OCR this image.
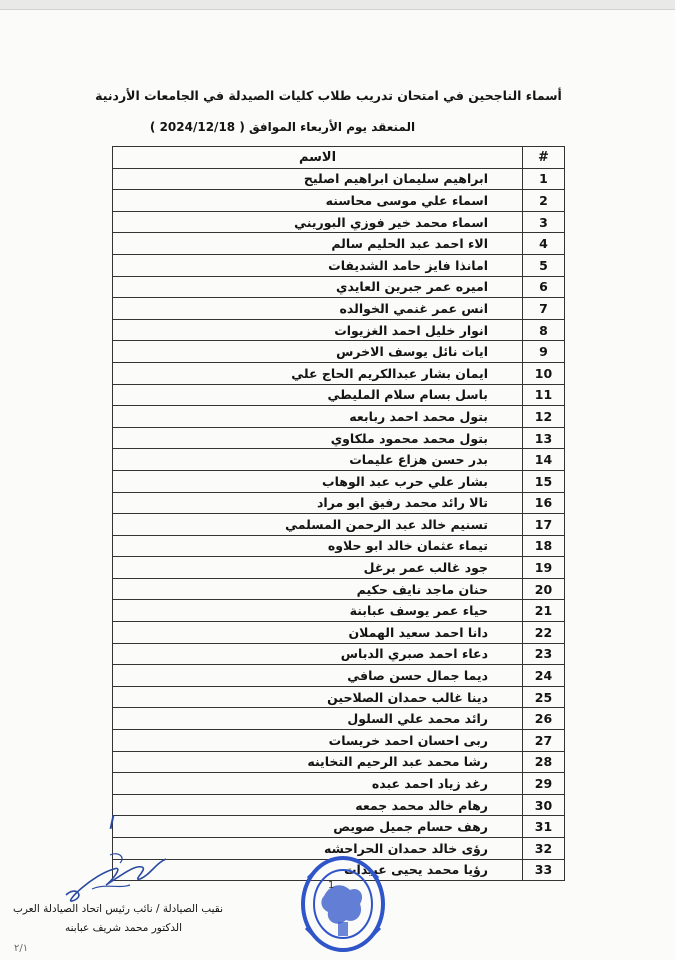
أسماء الناجحين في امتحان تدريب طلاب كليات الصيدلة في الجامعات الأردنية
المنعقد يوم الأربعاء الموافق ( 2024/12/18 )
#	الاسم
1	ابراهيم سليمان ابراهيم اصليح
2	اسماء علي موسى محاسنه
3	اسماء محمد خير فوزي البوريني
4	الاء احمد عبد الحليم سالم
5	امانذا فايز حامد الشديفات
6	اميره عمر جبرين العايدي
7	انس عمر غنمي الخوالده
8	انوار خليل احمد الغزيوات
9	ايات نائل يوسف الاخرس
10	ايمان بشار عبدالكريم الحاج علي
11	باسل بسام سلام المليطي
12	بتول محمد احمد ربابعه
13	بتول محمد محمود ملكاوي
14	بدر حسن هزاع عليمات
15	بشار علي حرب عبد الوهاب
16	تالا رائد محمد رفيق ابو مراد
17	تسنيم خالد عبد الرحمن المسلمي
18	تيماء عثمان خالد ابو حلاوه
19	جود غالب عمر برغل
20	حنان ماجد نايف حكيم
21	حياء عمر يوسف عبابنة
22	دانا احمد سعيد الهملان
23	دعاء احمد صبري الدباس
24	ديما جمال حسن صافي
25	دينا غالب حمدان الصلاحين
26	رائد محمد علي السلول
27	ربى احسان احمد خريسات
28	رشا محمد عبد الرحيم التخاينه
29	رغد زياد احمد عبده
30	رهام خالد محمد جمعه
31	رهف حسام جميل صويص
32	رؤى خالد حمدان الحراحشه
33	رؤيا محمد يحيى عبيدات
1
نقيب الصيادلة / نائب رئيس اتحاد الصيادلة العرب
الدكتور محمد شريف عبابنه
٢/١
